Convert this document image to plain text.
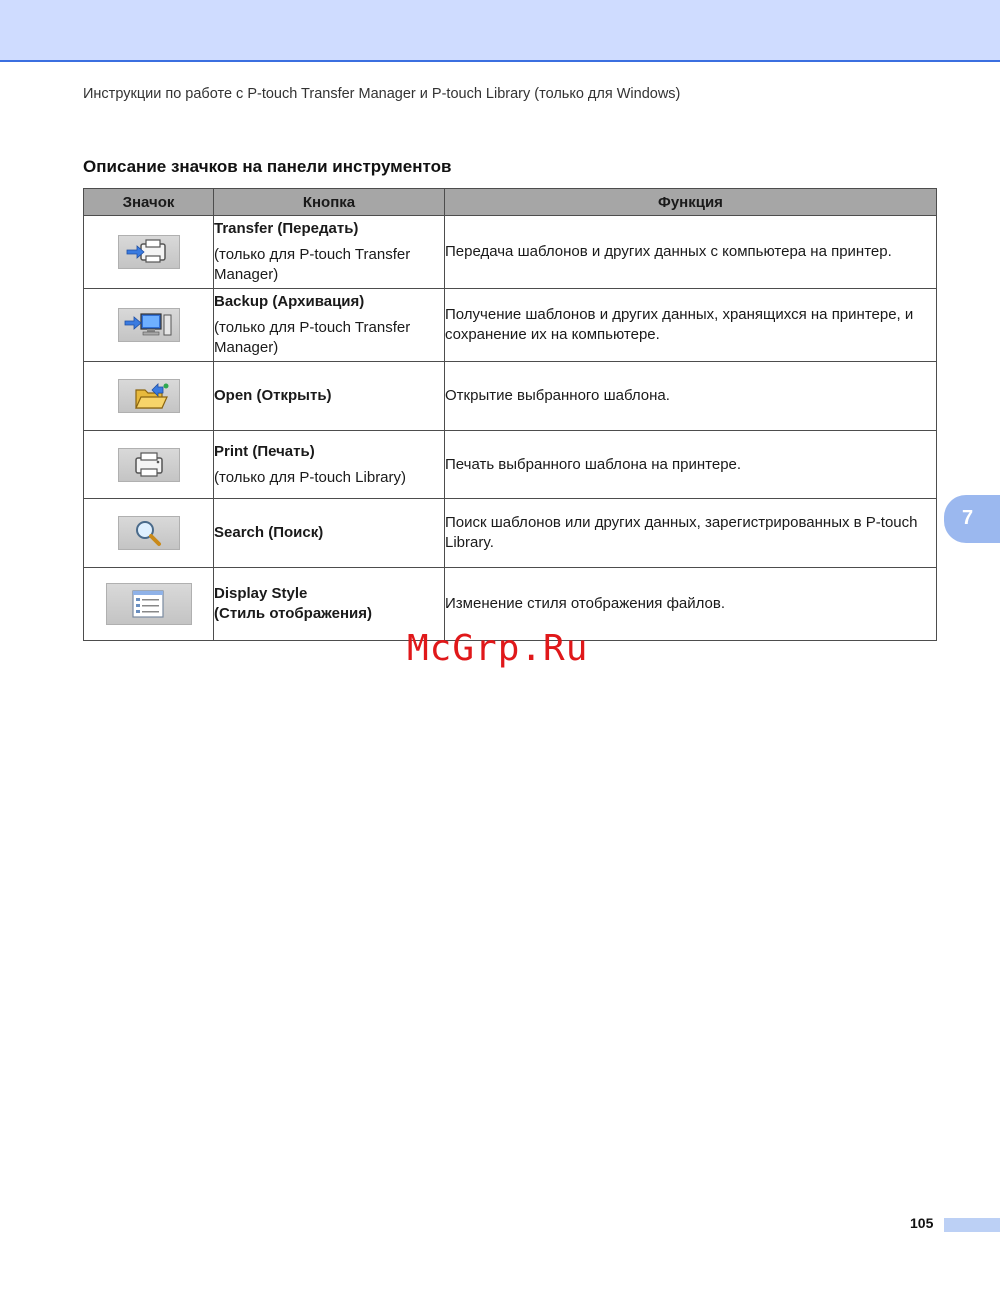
Инструкции по работе с P-touch Transfer Manager и P-touch Library (только для Windows)
Описание значков на панели инструментов
Значок	Кнопка	Функция

Transfer (Передать)
(только для P-touch Transfer Manager)	Передача шаблонов и других данных с компьютера на принтер.

Backup (Архивация)
(только для P-touch Transfer Manager)	Получение шаблонов и других данных, хранящихся на принтере, и сохранение их на компьютере.

Open (Открыть)	Открытие выбранного шаблона.

Print (Печать)
(только для P-touch Library)	Печать выбранного шаблона на принтере.

Search (Поиск)	Поиск шаблонов или других данных, зарегистрированных в P-touch Library.

Display Style
(Стиль отображения)	Изменение стиля отображения файлов.
7
McGrp.Ru
105
